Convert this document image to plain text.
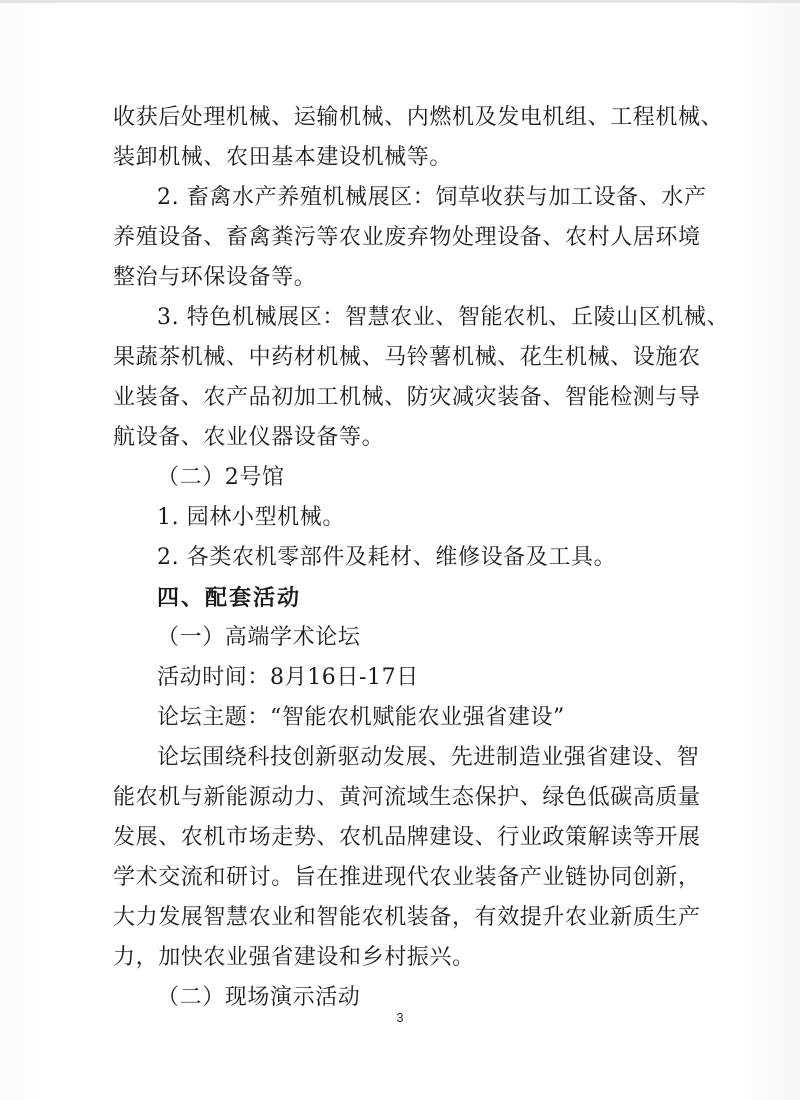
收获后处理机械、运输机械、内燃机及发电机组、工程机械、
装卸机械、农田基本建设机械等。
2. 畜禽水产养殖机械展区：饲草收获与加工设备、水产
养殖设备、畜禽粪污等农业废弃物处理设备、农村人居环境
整治与环保设备等。
3. 特色机械展区：智慧农业、智能农机、丘陵山区机械、
果蔬茶机械、中药材机械、马铃薯机械、花生机械、设施农
业装备、农产品初加工机械、防灾减灾装备、智能检测与导
航设备、农业仪器设备等。
（二）2号馆
1. 园林小型机械。
2. 各类农机零部件及耗材、维修设备及工具。
四、配套活动
（一）高端学术论坛
活动时间：8月16日-17日
论坛主题：“智能农机赋能农业强省建设”
论坛围绕科技创新驱动发展、先进制造业强省建设、智
能农机与新能源动力、黄河流域生态保护、绿色低碳高质量
发展、农机市场走势、农机品牌建设、行业政策解读等开展
学术交流和研讨。旨在推进现代农业装备产业链协同创新，
大力发展智慧农业和智能农机装备，有效提升农业新质生产
力，加快农业强省建设和乡村振兴。
（二）现场演示活动
3
